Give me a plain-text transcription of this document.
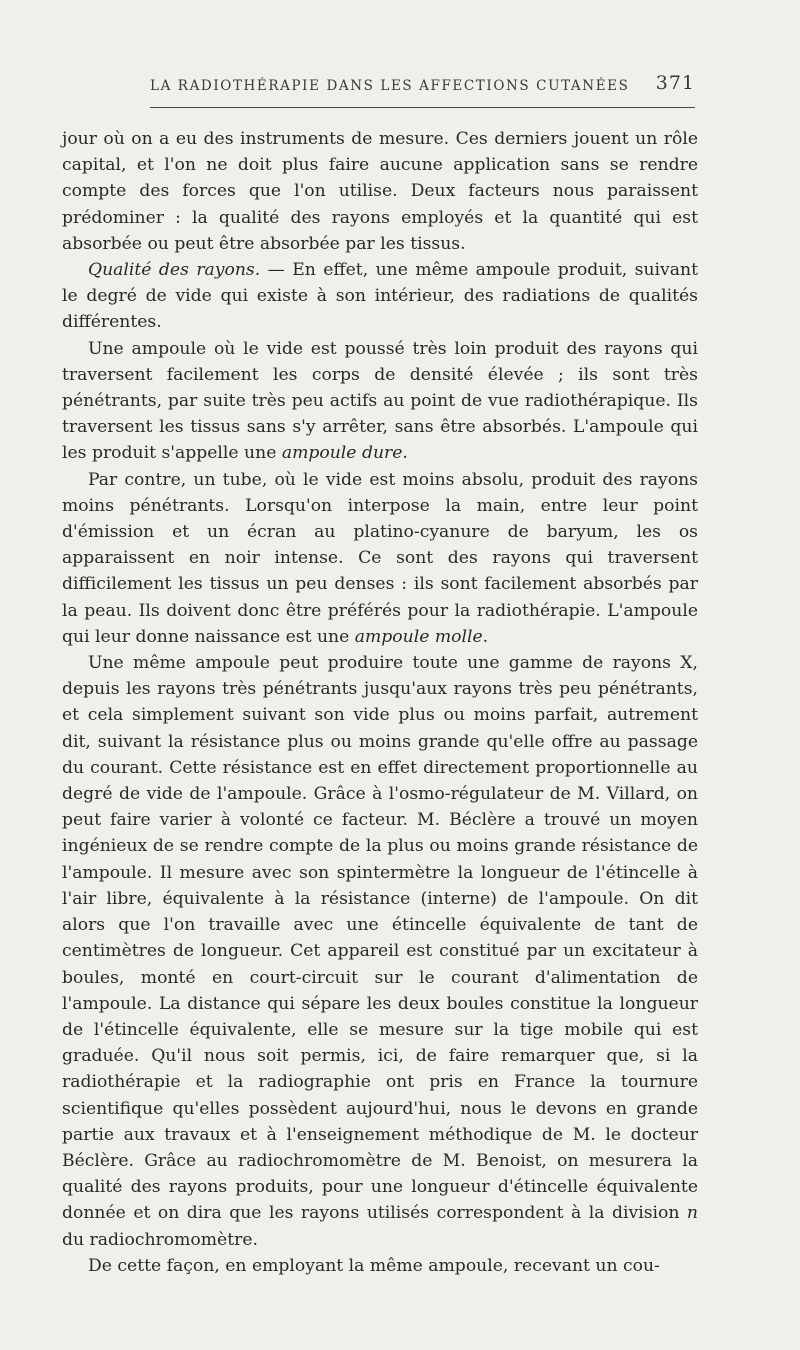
LA RADIOTHÉRAPIE DANS LES AFFECTIONS CUTANÉES 371

jour où on a eu des instruments de mesure. Ces derniers jouent un rôle capital, et l'on ne doit plus faire aucune application sans se rendre compte des forces que l'on utilise. Deux facteurs nous paraissent prédominer : la qualité des rayons employés et la quantité qui est absorbée ou peut être absorbée par les tissus.

Qualité des rayons. — En effet, une même ampoule produit, suivant le degré de vide qui existe à son intérieur, des radiations de qualités différentes.

Une ampoule où le vide est poussé très loin produit des rayons qui traversent facilement les corps de densité élevée ; ils sont très pénétrants, par suite très peu actifs au point de vue radiothérapique. Ils traversent les tissus sans s'y arrêter, sans être absorbés. L'ampoule qui les produit s'appelle une ampoule dure.

Par contre, un tube, où le vide est moins absolu, produit des rayons moins pénétrants. Lorsqu'on interpose la main, entre leur point d'émission et un écran au platino-cyanure de baryum, les os apparaissent en noir intense. Ce sont des rayons qui traversent difficilement les tissus un peu denses : ils sont facilement absorbés par la peau. Ils doivent donc être préférés pour la radiothérapie. L'ampoule qui leur donne naissance est une ampoule molle.

Une même ampoule peut produire toute une gamme de rayons X, depuis les rayons très pénétrants jusqu'aux rayons très peu pénétrants, et cela simplement suivant son vide plus ou moins parfait, autrement dit, suivant la résistance plus ou moins grande qu'elle offre au passage du courant. Cette résistance est en effet directement proportionnelle au degré de vide de l'ampoule. Grâce à l'osmo-régulateur de M. Villard, on peut faire varier à volonté ce facteur. M. Béclère a trouvé un moyen ingénieux de se rendre compte de la plus ou moins grande résistance de l'ampoule. Il mesure avec son spintermètre la longueur de l'étincelle à l'air libre, équivalente à la résistance (interne) de l'ampoule. On dit alors que l'on travaille avec une étincelle équivalente de tant de centimètres de longueur. Cet appareil est constitué par un excitateur à boules, monté en court-circuit sur le courant d'alimentation de l'ampoule. La distance qui sépare les deux boules constitue la longueur de l'étincelle équivalente, elle se mesure sur la tige mobile qui est graduée. Qu'il nous soit permis, ici, de faire remarquer que, si la radiothérapie et la radiographie ont pris en France la tournure scientifique qu'elles possèdent aujourd'hui, nous le devons en grande partie aux travaux et à l'enseignement méthodique de M. le docteur Béclère. Grâce au radiochromomètre de M. Benoist, on mesurera la qualité des rayons produits, pour une longueur d'étincelle équivalente donnée et on dira que les rayons utilisés correspondent à la division n du radiochromomètre.

De cette façon, en employant la même ampoule, recevant un cou-
